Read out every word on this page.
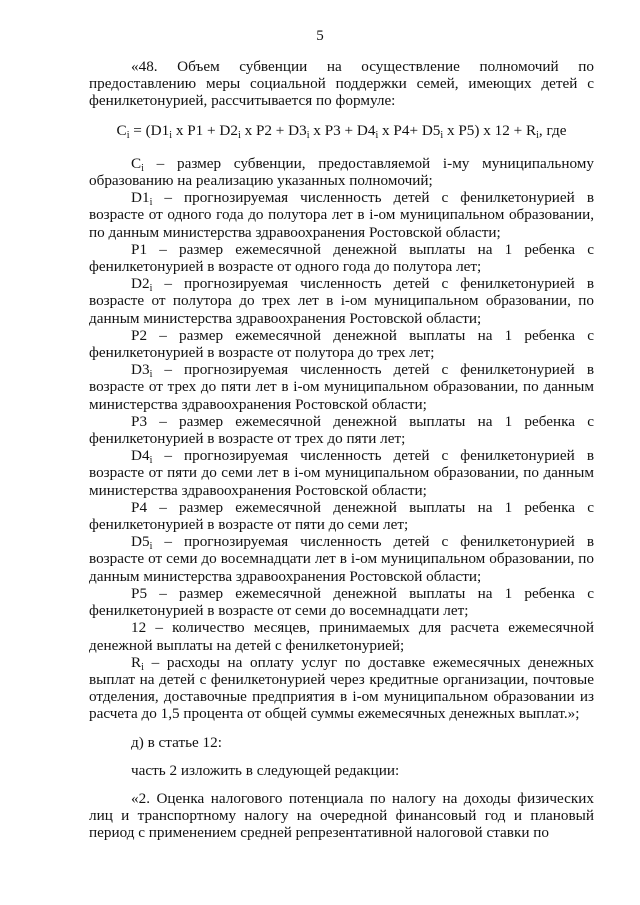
5

«48. Объем субвенции на осуществление полномочий по предоставлению меры социальной поддержки семей, имеющих детей с фенилкетонурией, рассчитывается по формуле:

$C_i = (D1_i$ x $P1 + D2_i$ x $P2 + D3_i$ x $P3 + D4_i$ x $P4+ D5_i$ x P5) x $12 + R_i$, где

$C_i$ – размер субвенции, предоставляемой i-му муниципальному образованию на реализацию указанных полномочий;

$D1_i$ – прогнозируемая численность детей с фенилкетонурией в возрасте от одного года до полутора лет в i-ом муниципальном образовании, по данным министерства здравоохранения Ростовской области;

P1 – размер ежемесячной денежной выплаты на 1 ребенка с фенилкетонурией в возрасте от одного года до полутора лет;

$D2_i$ – прогнозируемая численность детей с фенилкетонурией в возрасте от полутора до трех лет в i-ом муниципальном образовании, по данным министерства здравоохранения Ростовской области;

P2 – размер ежемесячной денежной выплаты на 1 ребенка с фенилкетонурией в возрасте от полутора до трех лет;

$D3_i$ – прогнозируемая численность детей с фенилкетонурией в возрасте от трех до пяти лет в i-ом муниципальном образовании, по данным министерства здравоохранения Ростовской области;

P3 – размер ежемесячной денежной выплаты на 1 ребенка с фенилкетонурией в возрасте от трех до пяти лет;

$D4_i$ – прогнозируемая численность детей с фенилкетонурией в возрасте от пяти до семи лет в i-ом муниципальном образовании, по данным министерства здравоохранения Ростовской области;

P4 – размер ежемесячной денежной выплаты на 1 ребенка с фенилкетонурией в возрасте от пяти до семи лет;

$D5_i$ – прогнозируемая численность детей с фенилкетонурией в возрасте от семи до восемнадцати лет в i-ом муниципальном образовании, по данным министерства здравоохранения Ростовской области;

P5 – размер ежемесячной денежной выплаты на 1 ребенка с фенилкетонурией в возрасте от семи до восемнадцати лет;

12 – количество месяцев, принимаемых для расчета ежемесячной денежной выплаты на детей с фенилкетонурией;

$R_i$ – расходы на оплату услуг по доставке ежемесячных денежных выплат на детей с фенилкетонурией через кредитные организации, почтовые отделения, доставочные предприятия в i-ом муниципальном образовании из расчета до 1,5 процента от общей суммы ежемесячных денежных выплат.»;

д) в статье 12:

часть 2 изложить в следующей редакции:

«2. Оценка налогового потенциала по налогу на доходы физических лиц и транспортному налогу на очередной финансовый год и плановый период с применением средней репрезентативной налоговой ставки по
